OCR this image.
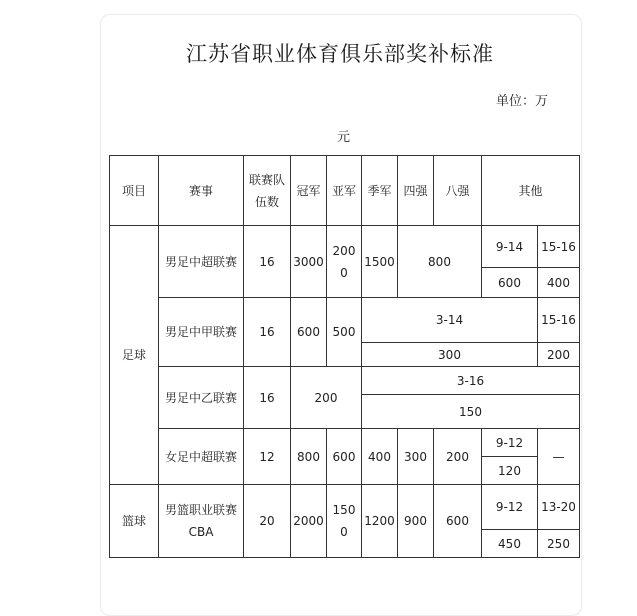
江苏省职业体育俱乐部奖补标准
单位：万
元
项目	赛事	联赛队伍数	冠军	亚军	季军	四强	八强	其他	
足球	男足中超联赛	16	3000	2000	1500	800		9-14	15-16
								600	400
	男足中甲联赛	16	600	500	3-14				15-16
					300				200
	男足中乙联赛	16	200		3-16				
					150				
	女足中超联赛	12	800	600	400	300	200	9-12	—
								120	
篮球	男篮职业联赛CBA	20	2000	1500	1200	900	600	9-12	13-20
								450	250
